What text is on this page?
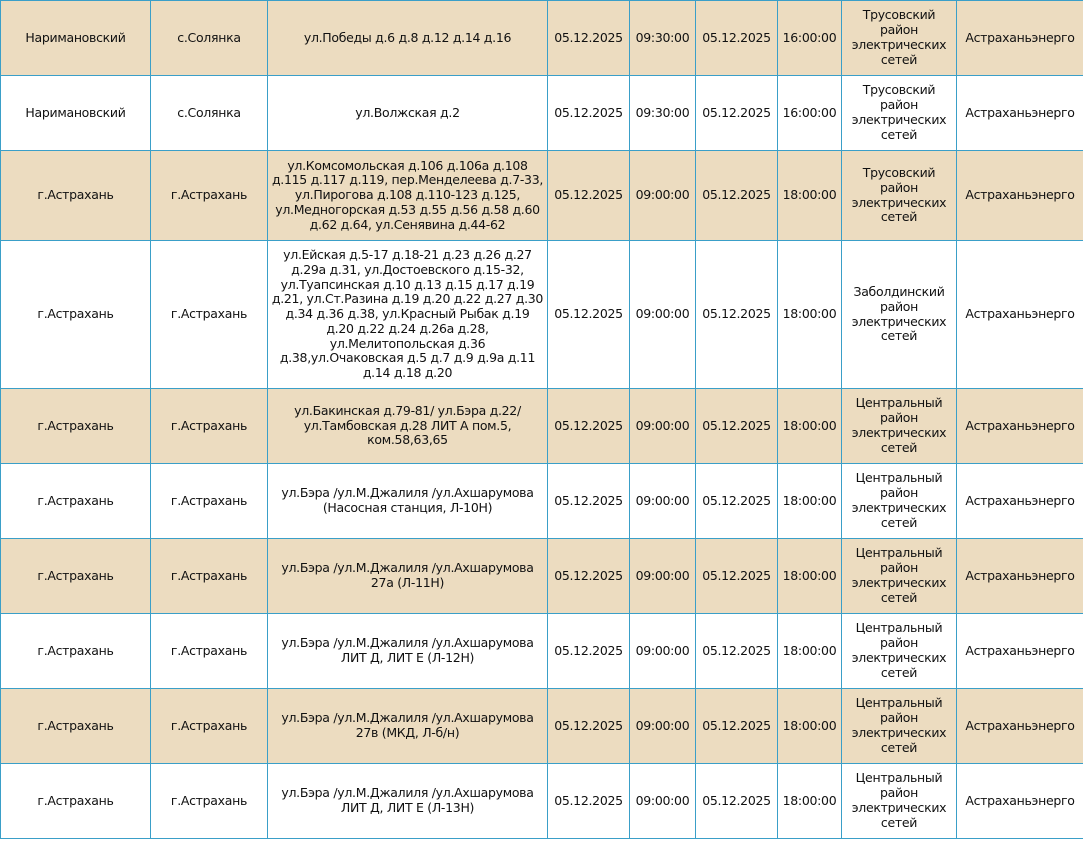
Наримановский	с.Солянка	ул.Победы д.6 д.8 д.12 д.14 д.16	05.12.2025	09:30:00	05.12.2025	16:00:00	Трусовский район электрических сетей	Астраханьэнерго
Наримановский	с.Солянка	ул.Волжская д.2	05.12.2025	09:30:00	05.12.2025	16:00:00	Трусовский район электрических сетей	Астраханьэнерго
г.Астрахань	г.Астрахань	ул.Комсомольская д.106 д.106а д.108 д.115 д.117 д.119, пер.Менделеева д.7-33, ул.Пирогова д.108 д.110-123 д.125, ул.Медногорская д.53 д.55 д.56 д.58 д.60 д.62 д.64, ул.Сенявина д.44-62	05.12.2025	09:00:00	05.12.2025	18:00:00	Трусовский район электрических сетей	Астраханьэнерго
г.Астрахань	г.Астрахань	ул.Ейская д.5-17 д.18-21 д.23 д.26 д.27 д.29а д.31, ул.Достоевского д.15-32, ул.Туапсинская д.10 д.13 д.15 д.17 д.19 д.21, ул.Ст.Разина д.19 д.20 д.22 д.27 д.30 д.34 д.36 д.38, ул.Красный Рыбак д.19 д.20 д.22 д.24 д.26а д.28, ул.Мелитопольская д.36 д.38,ул.Очаковская д.5 д.7 д.9 д.9а д.11 д.14 д.18 д.20	05.12.2025	09:00:00	05.12.2025	18:00:00	Заболдинский район электрических сетей	Астраханьэнерго
г.Астрахань	г.Астрахань	ул.Бакинская д.79-81/ ул.Бэра д.22/ ул.Тамбовская д.28 ЛИТ А пом.5, ком.58,63,65	05.12.2025	09:00:00	05.12.2025	18:00:00	Центральный район электрических сетей	Астраханьэнерго
г.Астрахань	г.Астрахань	ул.Бэра /ул.М.Джалиля /ул.Ахшарумова (Насосная станция, Л-10Н)	05.12.2025	09:00:00	05.12.2025	18:00:00	Центральный район электрических сетей	Астраханьэнерго
г.Астрахань	г.Астрахань	ул.Бэра /ул.М.Джалиля /ул.Ахшарумова 27а (Л-11Н)	05.12.2025	09:00:00	05.12.2025	18:00:00	Центральный район электрических сетей	Астраханьэнерго
г.Астрахань	г.Астрахань	ул.Бэра /ул.М.Джалиля /ул.Ахшарумова ЛИТ Д, ЛИТ Е (Л-12Н)	05.12.2025	09:00:00	05.12.2025	18:00:00	Центральный район электрических сетей	Астраханьэнерго
г.Астрахань	г.Астрахань	ул.Бэра /ул.М.Джалиля /ул.Ахшарумова 27в (МКД, Л-б/н)	05.12.2025	09:00:00	05.12.2025	18:00:00	Центральный район электрических сетей	Астраханьэнерго
г.Астрахань	г.Астрахань	ул.Бэра /ул.М.Джалиля /ул.Ахшарумова ЛИТ Д, ЛИТ Е (Л-13Н)	05.12.2025	09:00:00	05.12.2025	18:00:00	Центральный район электрических сетей	Астраханьэнерго
